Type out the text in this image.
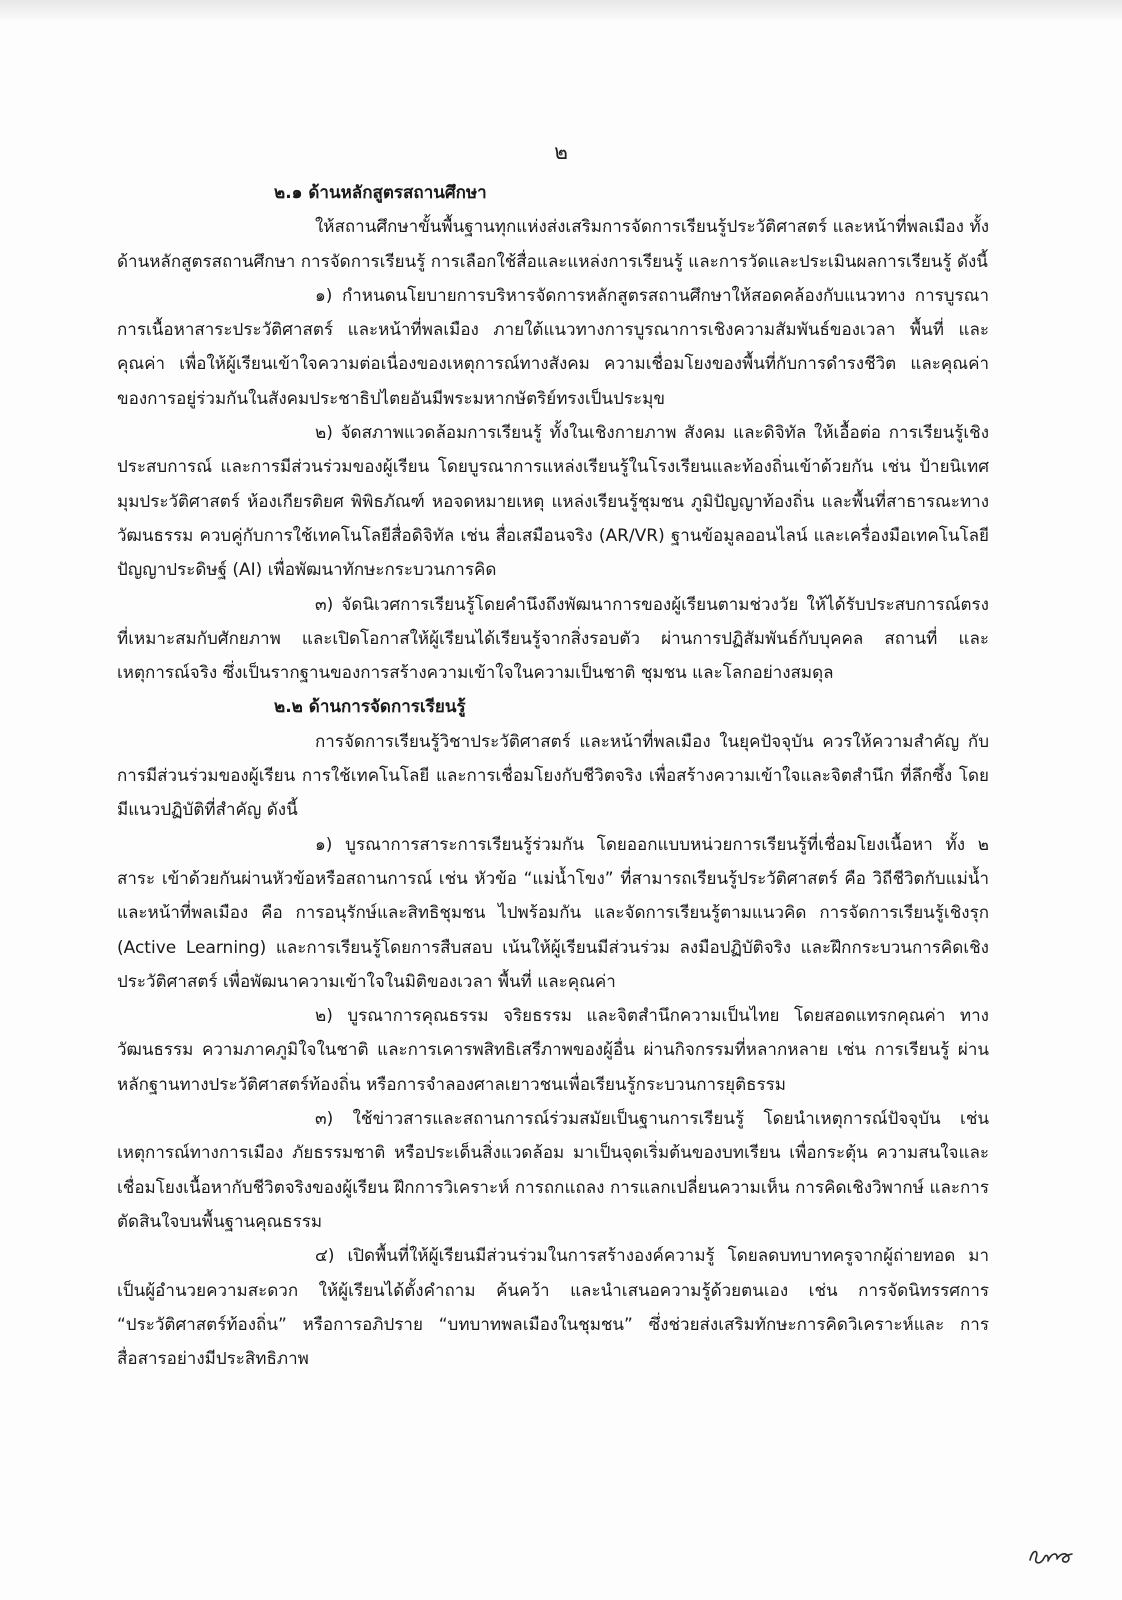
๒

๒.๑ ด้านหลักสูตรสถานศึกษา

ให้สถานศึกษาขั้นพื้นฐานทุกแห่งส่งเสริมการจัดการเรียนรู้ประวัติศาสตร์ และหน้าที่พลเมือง ทั้งด้านหลักสูตรสถานศึกษา การจัดการเรียนรู้ การเลือกใช้สื่อและแหล่งการเรียนรู้ และการวัดและประเมินผลการเรียนรู้ ดังนี้

๑) กำหนดนโยบายการบริหารจัดการหลักสูตรสถานศึกษาให้สอดคล้องกับแนวทาง การบูรณาการเนื้อหาสาระประวัติศาสตร์ และหน้าที่พลเมือง ภายใต้แนวทางการบูรณาการเชิงความสัมพันธ์ของเวลา พื้นที่ และคุณค่า เพื่อให้ผู้เรียนเข้าใจความต่อเนื่องของเหตุการณ์ทางสังคม ความเชื่อมโยงของพื้นที่กับการดำรงชีวิต และคุณค่าของการอยู่ร่วมกันในสังคมประชาธิปไตยอันมีพระมหากษัตริย์ทรงเป็นประมุข

๒) จัดสภาพแวดล้อมการเรียนรู้ ทั้งในเชิงกายภาพ สังคม และดิจิทัล ให้เอื้อต่อ การเรียนรู้เชิงประสบการณ์ และการมีส่วนร่วมของผู้เรียน โดยบูรณาการแหล่งเรียนรู้ในโรงเรียนและท้องถิ่นเข้าด้วยกัน เช่น ป้ายนิเทศ มุมประวัติศาสตร์ ห้องเกียรติยศ พิพิธภัณฑ์ หอจดหมายเหตุ แหล่งเรียนรู้ชุมชน ภูมิปัญญาท้องถิ่น และพื้นที่สาธารณะทางวัฒนธรรม ควบคู่กับการใช้เทคโนโลยีสื่อดิจิทัล เช่น สื่อเสมือนจริง (AR/VR) ฐานข้อมูลออนไลน์ และเครื่องมือเทคโนโลยีปัญญาประดิษฐ์ (AI) เพื่อพัฒนาทักษะกระบวนการคิด

๓) จัดนิเวศการเรียนรู้โดยคำนึงถึงพัฒนาการของผู้เรียนตามช่วงวัย ให้ได้รับประสบการณ์ตรง ที่เหมาะสมกับศักยภาพ และเปิดโอกาสให้ผู้เรียนได้เรียนรู้จากสิ่งรอบตัว ผ่านการปฏิสัมพันธ์กับบุคคล สถานที่ และเหตุการณ์จริง ซึ่งเป็นรากฐานของการสร้างความเข้าใจในความเป็นชาติ ชุมชน และโลกอย่างสมดุล

๒.๒ ด้านการจัดการเรียนรู้

การจัดการเรียนรู้วิชาประวัติศาสตร์ และหน้าที่พลเมือง ในยุคปัจจุบัน ควรให้ความสำคัญ กับการมีส่วนร่วมของผู้เรียน การใช้เทคโนโลยี และการเชื่อมโยงกับชีวิตจริง เพื่อสร้างความเข้าใจและจิตสำนึก ที่ลึกซึ้ง โดยมีแนวปฏิบัติที่สำคัญ ดังนี้

๑) บูรณาการสาระการเรียนรู้ร่วมกัน โดยออกแบบหน่วยการเรียนรู้ที่เชื่อมโยงเนื้อหา ทั้ง ๒ สาระ เข้าด้วยกันผ่านหัวข้อหรือสถานการณ์ เช่น หัวข้อ “แม่น้ำโขง” ที่สามารถเรียนรู้ประวัติศาสตร์ คือ วิถีชีวิตกับแม่น้ำ และหน้าที่พลเมือง คือ การอนุรักษ์และสิทธิชุมชน ไปพร้อมกัน และจัดการเรียนรู้ตามแนวคิด การจัดการเรียนรู้เชิงรุก (Active Learning) และการเรียนรู้โดยการสืบสอบ เน้นให้ผู้เรียนมีส่วนร่วม ลงมือปฏิบัติจริง และฝึกกระบวนการคิดเชิงประวัติศาสตร์ เพื่อพัฒนาความเข้าใจในมิติของเวลา พื้นที่ และคุณค่า

๒) บูรณาการคุณธรรม จริยธรรม และจิตสำนึกความเป็นไทย โดยสอดแทรกคุณค่า ทางวัฒนธรรม ความภาคภูมิใจในชาติ และการเคารพสิทธิเสรีภาพของผู้อื่น ผ่านกิจกรรมที่หลากหลาย เช่น การเรียนรู้ ผ่านหลักฐานทางประวัติศาสตร์ท้องถิ่น หรือการจำลองศาลเยาวชนเพื่อเรียนรู้กระบวนการยุติธรรม

๓) ใช้ข่าวสารและสถานการณ์ร่วมสมัยเป็นฐานการเรียนรู้ โดยนำเหตุการณ์ปัจจุบัน เช่น เหตุการณ์ทางการเมือง ภัยธรรมชาติ หรือประเด็นสิ่งแวดล้อม มาเป็นจุดเริ่มต้นของบทเรียน เพื่อกระตุ้น ความสนใจและเชื่อมโยงเนื้อหากับชีวิตจริงของผู้เรียน ฝึกการวิเคราะห์ การถกแถลง การแลกเปลี่ยนความเห็น การคิดเชิงวิพากษ์ และการตัดสินใจบนพื้นฐานคุณธรรม

๔) เปิดพื้นที่ให้ผู้เรียนมีส่วนร่วมในการสร้างองค์ความรู้ โดยลดบทบาทครูจากผู้ถ่ายทอด มาเป็นผู้อำนวยความสะดวก ให้ผู้เรียนได้ตั้งคำถาม ค้นคว้า และนำเสนอความรู้ด้วยตนเอง เช่น การจัดนิทรรศการ “ประวัติศาสตร์ท้องถิ่น” หรือการอภิปราย “บทบาทพลเมืองในชุมชน” ซึ่งช่วยส่งเสริมทักษะการคิดวิเคราะห์และ การสื่อสารอย่างมีประสิทธิภาพ
